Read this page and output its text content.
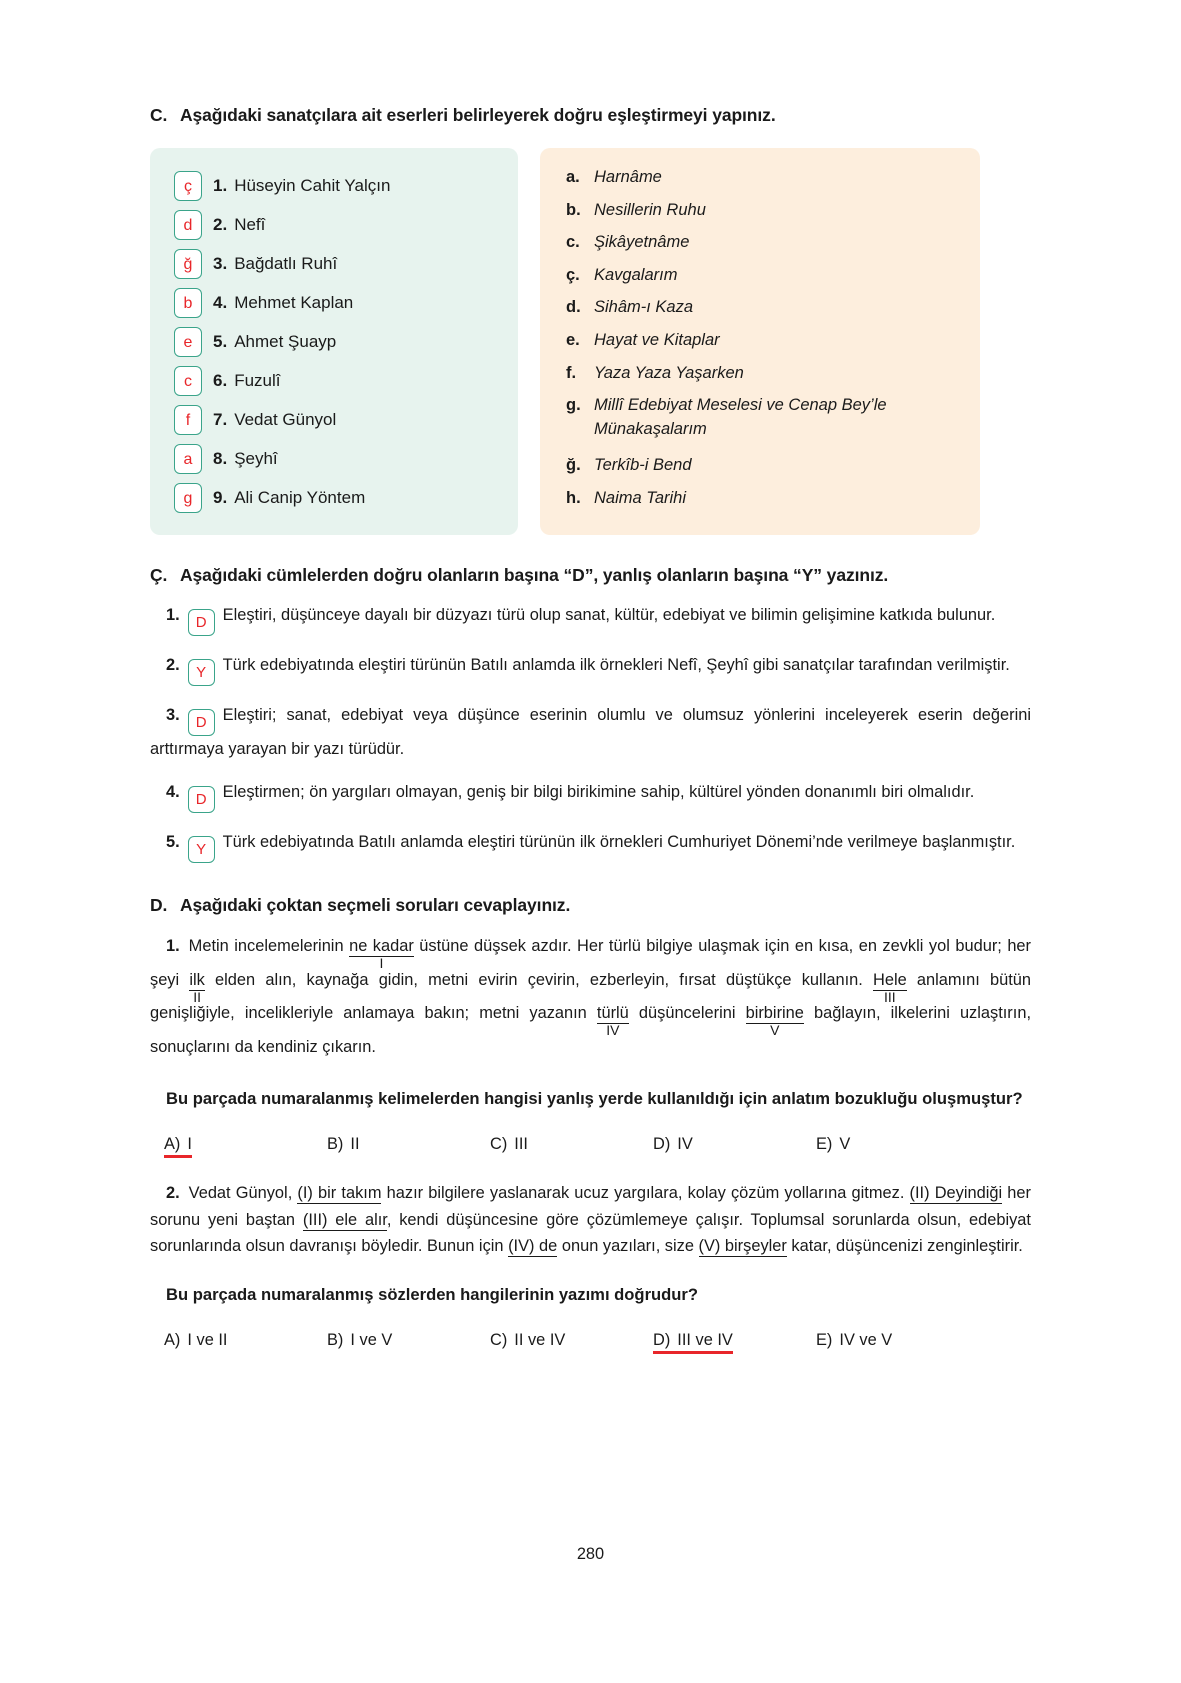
C. Aşağıdaki sanatçılara ait eserleri belirleyerek doğru eşleştirmeyi yapınız.
ç	1. Hüseyin Cahit Yalçın
d	2. Nefî
ğ	3. Bağdatlı Ruhî
b	4. Mehmet Kaplan
e	5. Ahmet Şuayp
c	6. Fuzulî
f	7. Vedat Günyol
a	8. Şeyhî
g	9. Ali Canip Yöntem
a. Harnâme
b. Nesillerin Ruhu
c. Şikâyetnâme
ç. Kavgalarım
d. Sihâm-ı Kaza
e. Hayat ve Kitaplar
f.	Yaza Yaza Yaşarken
g. Millî Edebiyat Meselesi ve Cenap Bey’le Münakaşalarım
ğ. Terkîb-i Bend
h. Naima Tarihi
Ç. Aşağıdaki cümlelerden doğru olanların başına “D”, yanlış olanların başına “Y” yazınız.
1. D Eleştiri, düşünceye dayalı bir düzyazı türü olup sanat, kültür, edebiyat ve bilimin gelişimine katkıda bulunur.
2. Y Türk edebiyatında eleştiri türünün Batılı anlamda ilk örnekleri Nefî, Şeyhî gibi sanatçılar tarafından verilmiştir.
3. D Eleştiri; sanat, edebiyat veya düşünce eserinin olumlu ve olumsuz yönlerini inceleyerek eserin değerini arttırmaya yarayan bir yazı türüdür.
4. D Eleştirmen; ön yargıları olmayan, geniş bir bilgi birikimine sahip, kültürel yönden donanımlı biri olmalıdır.
5. Y Türk edebiyatında Batılı anlamda eleştiri türünün ilk örnekleri Cumhuriyet Dönemi’nde verilmeye başlanmıştır.
D. Aşağıdaki çoktan seçmeli soruları cevaplayınız.
1. Metin incelemelerinin ne kadar
I
üstüne düşsek azdır. Her türlü bilgiye ulaşmak için en kısa, en zevkli yol budur; her şeyi ilk
II
elden alın, kaynağa gidin, metni evirin çevirin, ezberleyin, fırsat düştükçe kullanın. Hele
III
anlamını bütün genişliğiyle, incelikleriyle anlamaya bakın; metni yazanın türlü
IV
düşüncelerini birbirine
V
bağlayın, ilkelerini uzlaştırın, sonuçlarını da kendiniz çıkarın.
Bu parçada numaralanmış kelimelerden hangisi yanlış yerde kullanıldığı için anlatım bozukluğu oluşmuştur?
A) I	B) II	C) III	D) IV	E) V
2. Vedat Günyol, (I) bir takım hazır bilgilere yaslanarak ucuz yargılara, kolay çözüm yollarına gitmez. (II) Deyindiği her sorunu yeni baştan (III) ele alır, kendi düşüncesine göre çözümlemeye çalışır. Toplumsal sorunlarda olsun, edebiyat sorunlarında olsun davranışı böyledir. Bunun için (IV) de onun yazıları, size (V) birşeyler katar, düşüncenizi zenginleştirir.
Bu parçada numaralanmış sözlerden hangilerinin yazımı doğrudur?
A) I ve II	B) I ve V	C) II ve IV	D) III ve IV	E) IV ve V
280
